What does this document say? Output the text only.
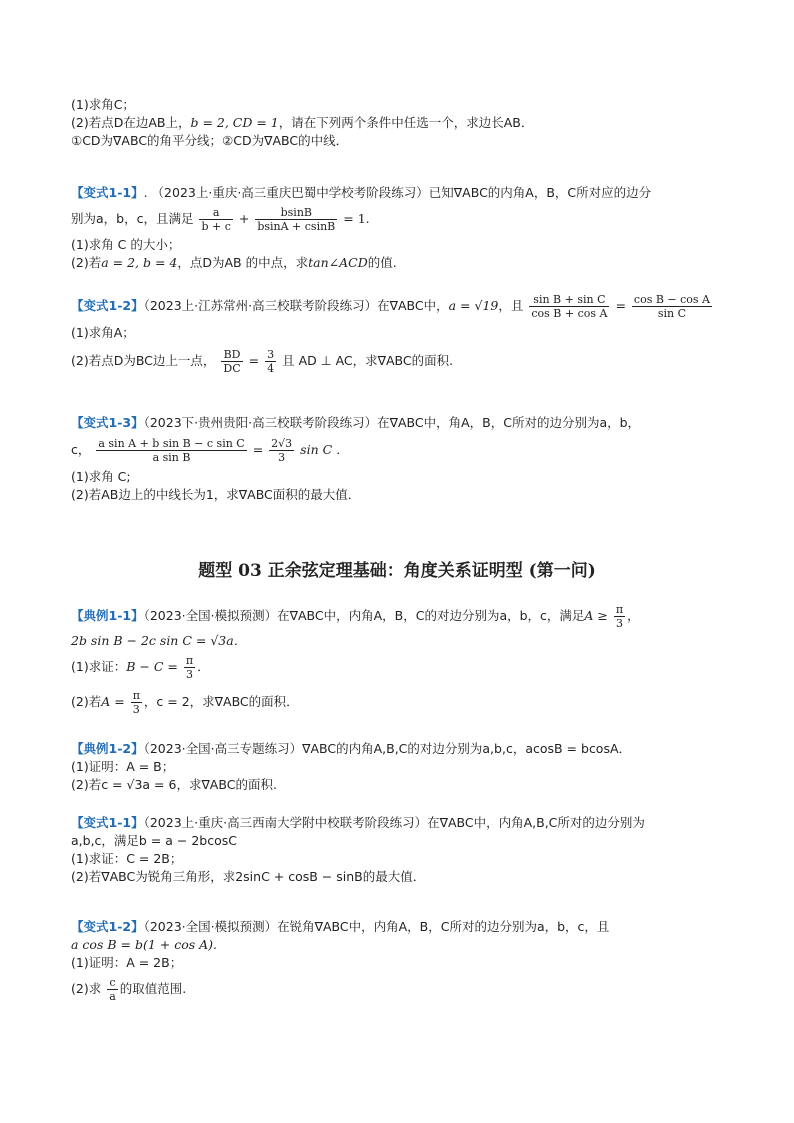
(1)求角C；
(2)若点D在边AB上，b = 2, CD = 1，请在下列两个条件中任选一个，求边长AB．
①CD为∇ABC的角平分线；②CD为∇ABC的中线．
【变式1-1】. （2023上·重庆·高三重庆巴蜀中学校考阶段练习）已知∇ABC的内角A，B，C所对应的边分
别为a，b，c，且满足 $\frac{a}{b + c} + \frac{bsinB}{bsinA + csinB} = 1$.
(1)求角 C 的大小；
(2)若a = 2, b = 4，点D为AB 的中点，求tan∠ACD的值.
【变式1-2】（2023上·江苏常州·高三校联考阶段练习）在∇ABC中，a = √19，且 $\frac{\text{sin B + sin C}}{\text{cos B + cos A}} = \frac{\text{cos B − cos A}}{\text{sin C}}$
(1)求角A；
(2)若点D为BC边上一点， $\frac{BD}{DC} = \frac{3}{4}$ 且 AD ⊥ AC，求∇ABC的面积.
【变式1-3】（2023下·贵州贵阳·高三校联考阶段练习）在∇ABC中，角A，B，C所对的边分别为a，b，
c， $\frac{\text{a sin A + b sin B − c sin C}}{\text{a sin B}} = \frac{2√3}{3}$ sin C ．
(1)求角 C;
(2)若AB边上的中线长为1，求∇ABC面积的最大值．
题型 03 正余弦定理基础：角度关系证明型 (第一问)
【典例1-1】（2023·全国·模拟预测）在∇ABC中，内角A，B，C的对边分别为a，b，c，满足$A \ge \frac{\pi}{3}$ ，
2b sin B − 2c sin C = √3a．
(1)求证：$B - C = \frac{\pi}{3}$ ．
(2)若$A = \frac{\pi}{3}$ ，c = 2，求∇ABC的面积．
【典例1-2】（2023·全国·高三专题练习）∇ABC的内角A,B,C的对边分别为a,b,c，acosB = bcosA．
(1)证明：A = B；
(2)若c = √3a = 6，求∇ABC的面积.
【变式1-1】（2023上·重庆·高三西南大学附中校联考阶段练习）在∇ABC中，内角A,B,C所对的边分别为
a,b,c，满足b = a − 2bcosC
(1)求证：C = 2B；
(2)若∇ABC为锐角三角形，求2sinC + cosB − sinB的最大值．
【变式1-2】（2023·全国·模拟预测）在锐角∇ABC中，内角A，B，C所对的边分别为a，b，c，且
a cos B = b(1 + cos A).
(1)证明：A = 2B；
(2)求 $\frac{c}{a}$ 的取值范围.
